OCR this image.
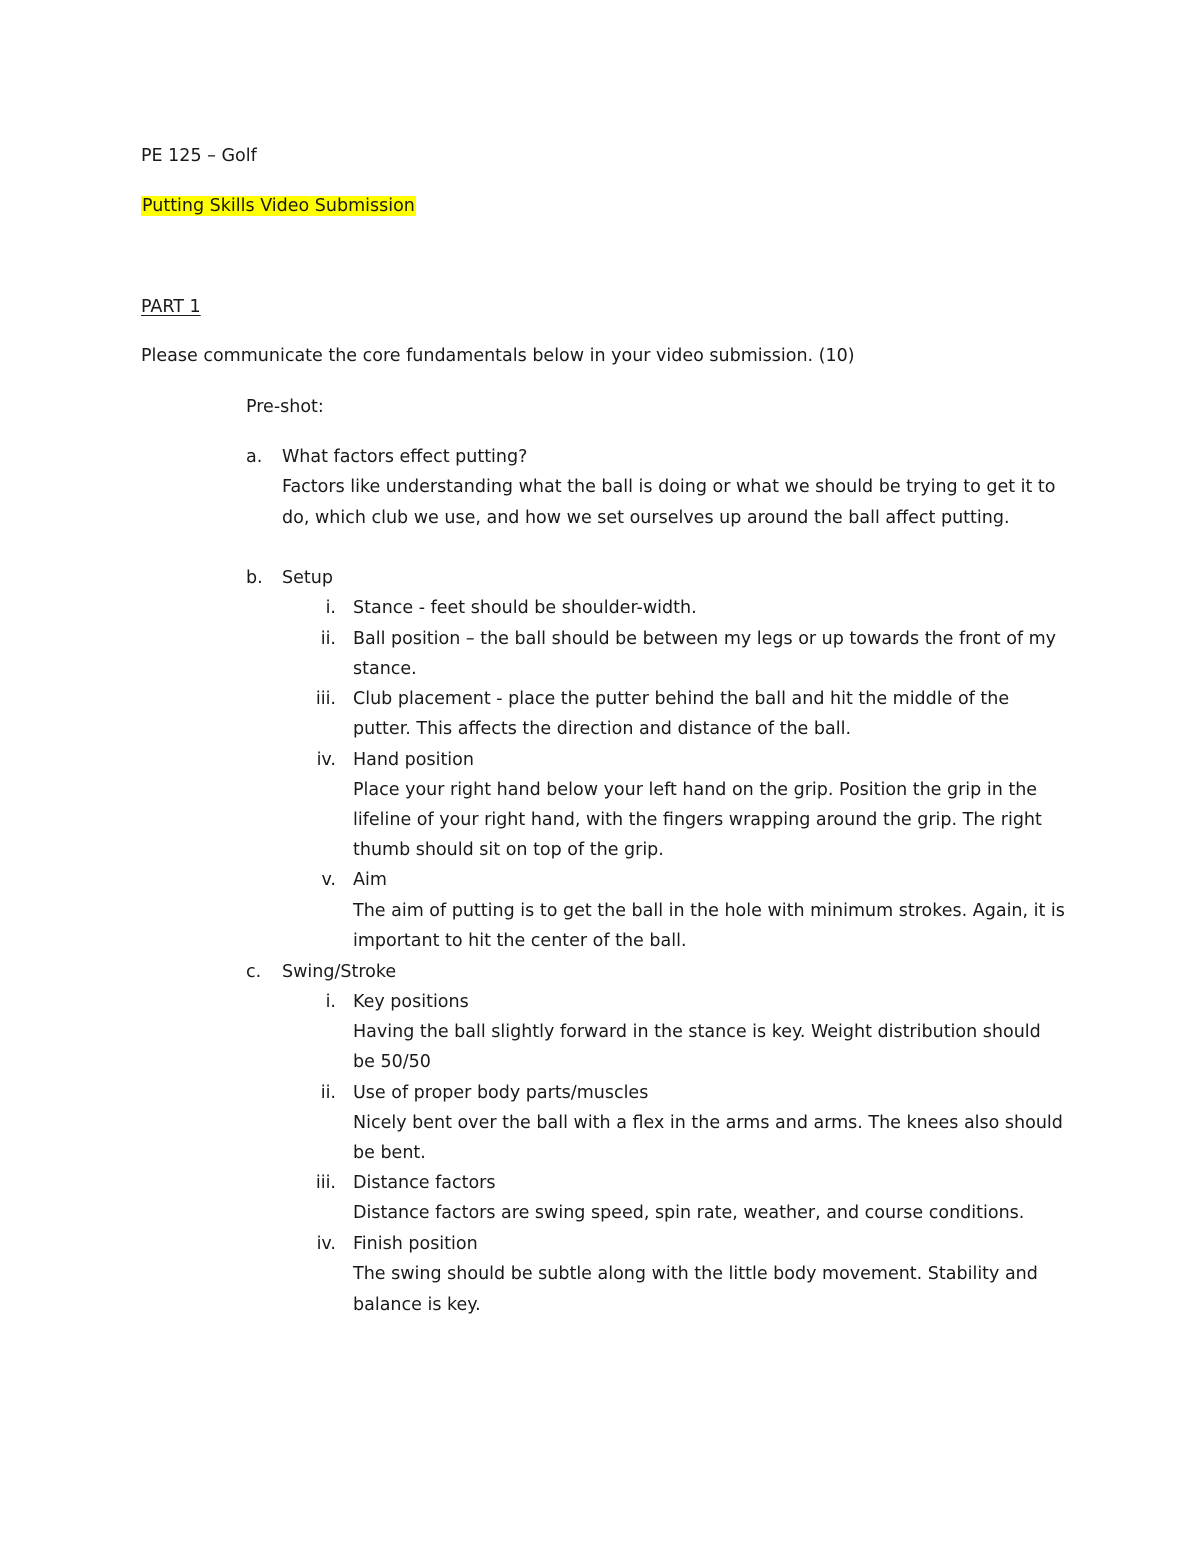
PE 125 – Golf
Putting Skills Video Submission
PART 1
Please communicate the core fundamentals below in your video submission. (10)
Pre-shot:
a. What factors effect putting?
Factors like understanding what the ball is doing or what we should be trying to get it to
do, which club we use, and how we set ourselves up around the ball affect putting.
b. Setup
i. Stance - feet should be shoulder-width.
ii. Ball position – the ball should be between my legs or up towards the front of my
stance.
iii. Club placement - place the putter behind the ball and hit the middle of the
putter. This affects the direction and distance of the ball.
iv. Hand position
Place your right hand below your left hand on the grip. Position the grip in the
lifeline of your right hand, with the fingers wrapping around the grip. The right
thumb should sit on top of the grip.
v. Aim
The aim of putting is to get the ball in the hole with minimum strokes. Again, it is
important to hit the center of the ball.
c. Swing/Stroke
i. Key positions
Having the ball slightly forward in the stance is key. Weight distribution should
be 50/50
ii. Use of proper body parts/muscles
Nicely bent over the ball with a flex in the arms and arms. The knees also should
be bent.
iii. Distance factors
Distance factors are swing speed, spin rate, weather, and course conditions.
iv. Finish position
The swing should be subtle along with the little body movement. Stability and
balance is key.
